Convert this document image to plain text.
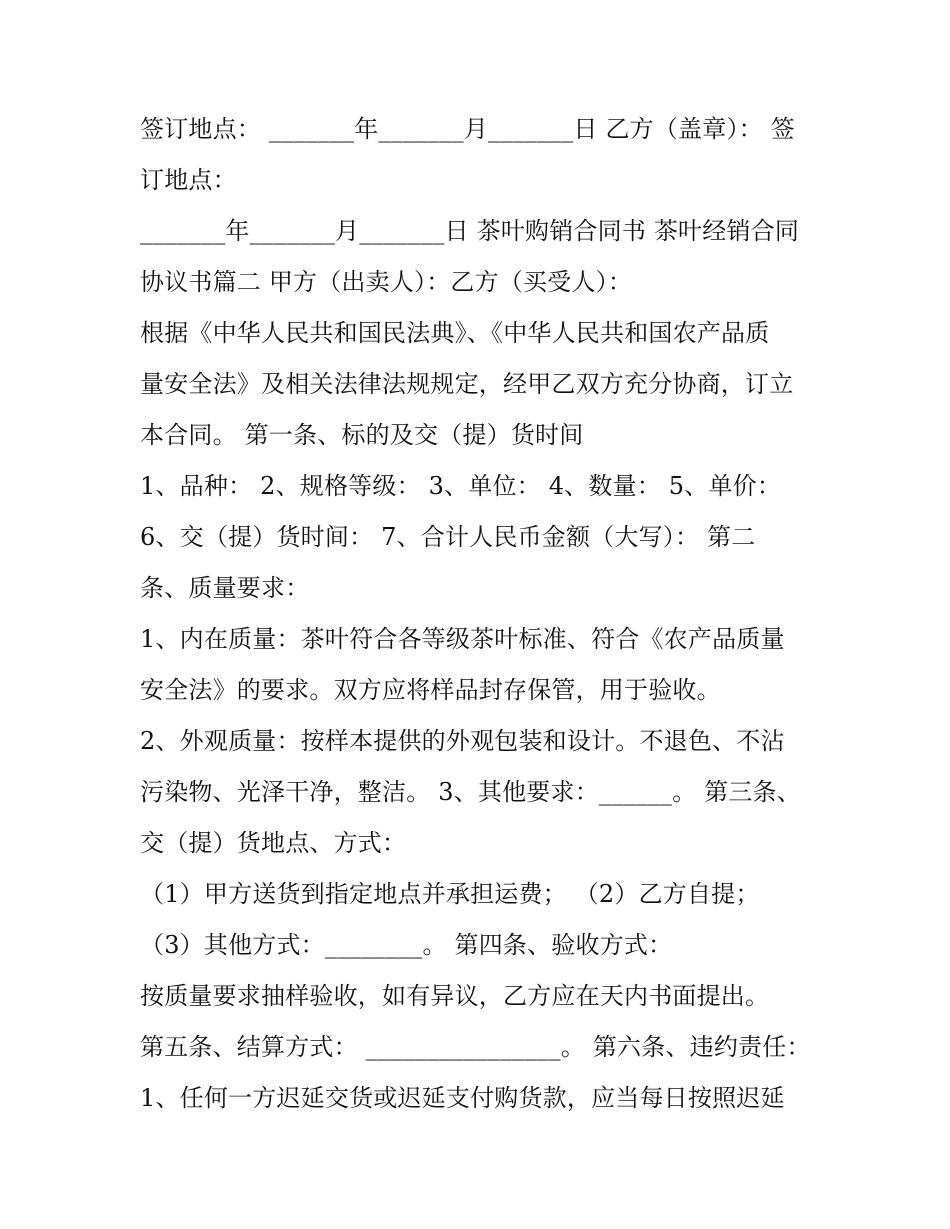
签订地点： _______年_______月_______日 乙方（盖章）： 签
订地点：
_______年_______月_______日 茶叶购销合同书 茶叶经销合同
协议书篇二 甲方（出卖人）：乙方（买受人）：
根据《中华人民共和国民法典》、《中华人民共和国农产品质
量安全法》及相关法律法规规定，经甲乙双方充分协商，订立
本合同。 第一条、标的及交（提）货时间
1、品种： 2、规格等级： 3、单位： 4、数量： 5、单价：
6、交（提）货时间： 7、合计人民币金额（大写）： 第二
条、质量要求：
1、内在质量：茶叶符合各等级茶叶标准、符合《农产品质量
安全法》的要求。双方应将样品封存保管，用于验收。
2、外观质量：按样本提供的外观包装和设计。不退色、不沾
污染物、光泽干净，整洁。 3、其他要求：______。 第三条、
交（提）货地点、方式：
（1）甲方送货到指定地点并承担运费； （2）乙方自提；
（3）其他方式：________。 第四条、验收方式：
按质量要求抽样验收，如有异议，乙方应在天内书面提出。
第五条、结算方式： ________________。 第六条、违约责任：
1、任何一方迟延交货或迟延支付购货款，应当每日按照迟延
